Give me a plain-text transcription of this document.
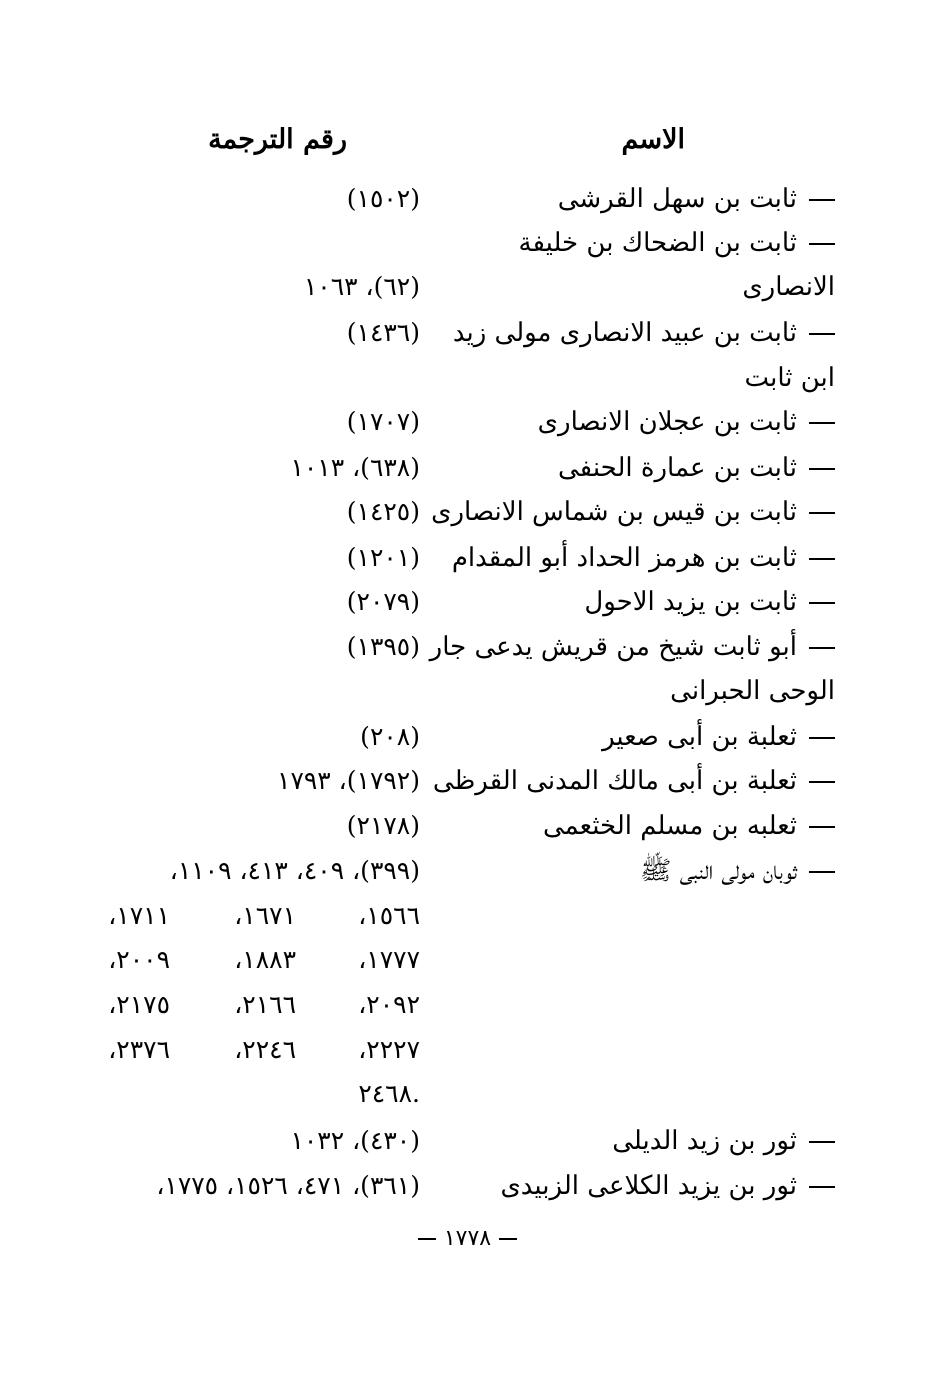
الاسم
رقم الترجمة
ثابت بن سهل القرشى
(١٥٠٢)
ثابت بن الضحاك بن خليفة
الانصارى
(٦٢)، ١٠٦٣
ثابت بن عبيد الانصارى مولى زيد
(١٤٣٦)
ابن ثابت
ثابت بن عجلان الانصارى
(١٧٠٧)
ثابت بن عمارة الحنفى
(٦٣٨)، ١٠١٣
ثابت بن قيس بن شماس الانصارى
(١٤٢٥)
ثابت بن هرمز الحداد أبو المقدام
(١٢٠١)
ثابت بن يزيد الاحول
(٢٠٧٩)
أبو ثابت شيخ من قريش يدعى جار
(١٣٩٥)
الوحى الحبرانى
ثعلبة بن أبى صعير
(٢٠٨)
ثعلبة بن أبى مالك المدنى القرظى
(١٧٩٢)، ١٧٩٣
ثعلبه بن مسلم الخثعمى
(٢١٧٨)
ثوبان مولى النبى ﷺ
(٣٩٩)، ٤٠٩، ٤١٣، ١١٠٩،
١٥٦٦،
١٦٧١،
١٧١١،
١٧٧٧،
١٨٨٣،
٢٠٠٩،
٢٠٩٢،
٢١٦٦،
٢١٧٥،
٢٢٢٧،
٢٢٤٦،
٢٣٧٦،
.٢٤٦٨
ثور بن زيد الديلى
(٤٣٠)، ١٠٣٢
ثور بن يزيد الكلاعى الزبيدى
(٣٦١)، ٤٧١، ١٥٢٦، ١٧٧٥،
١٧٧٨
